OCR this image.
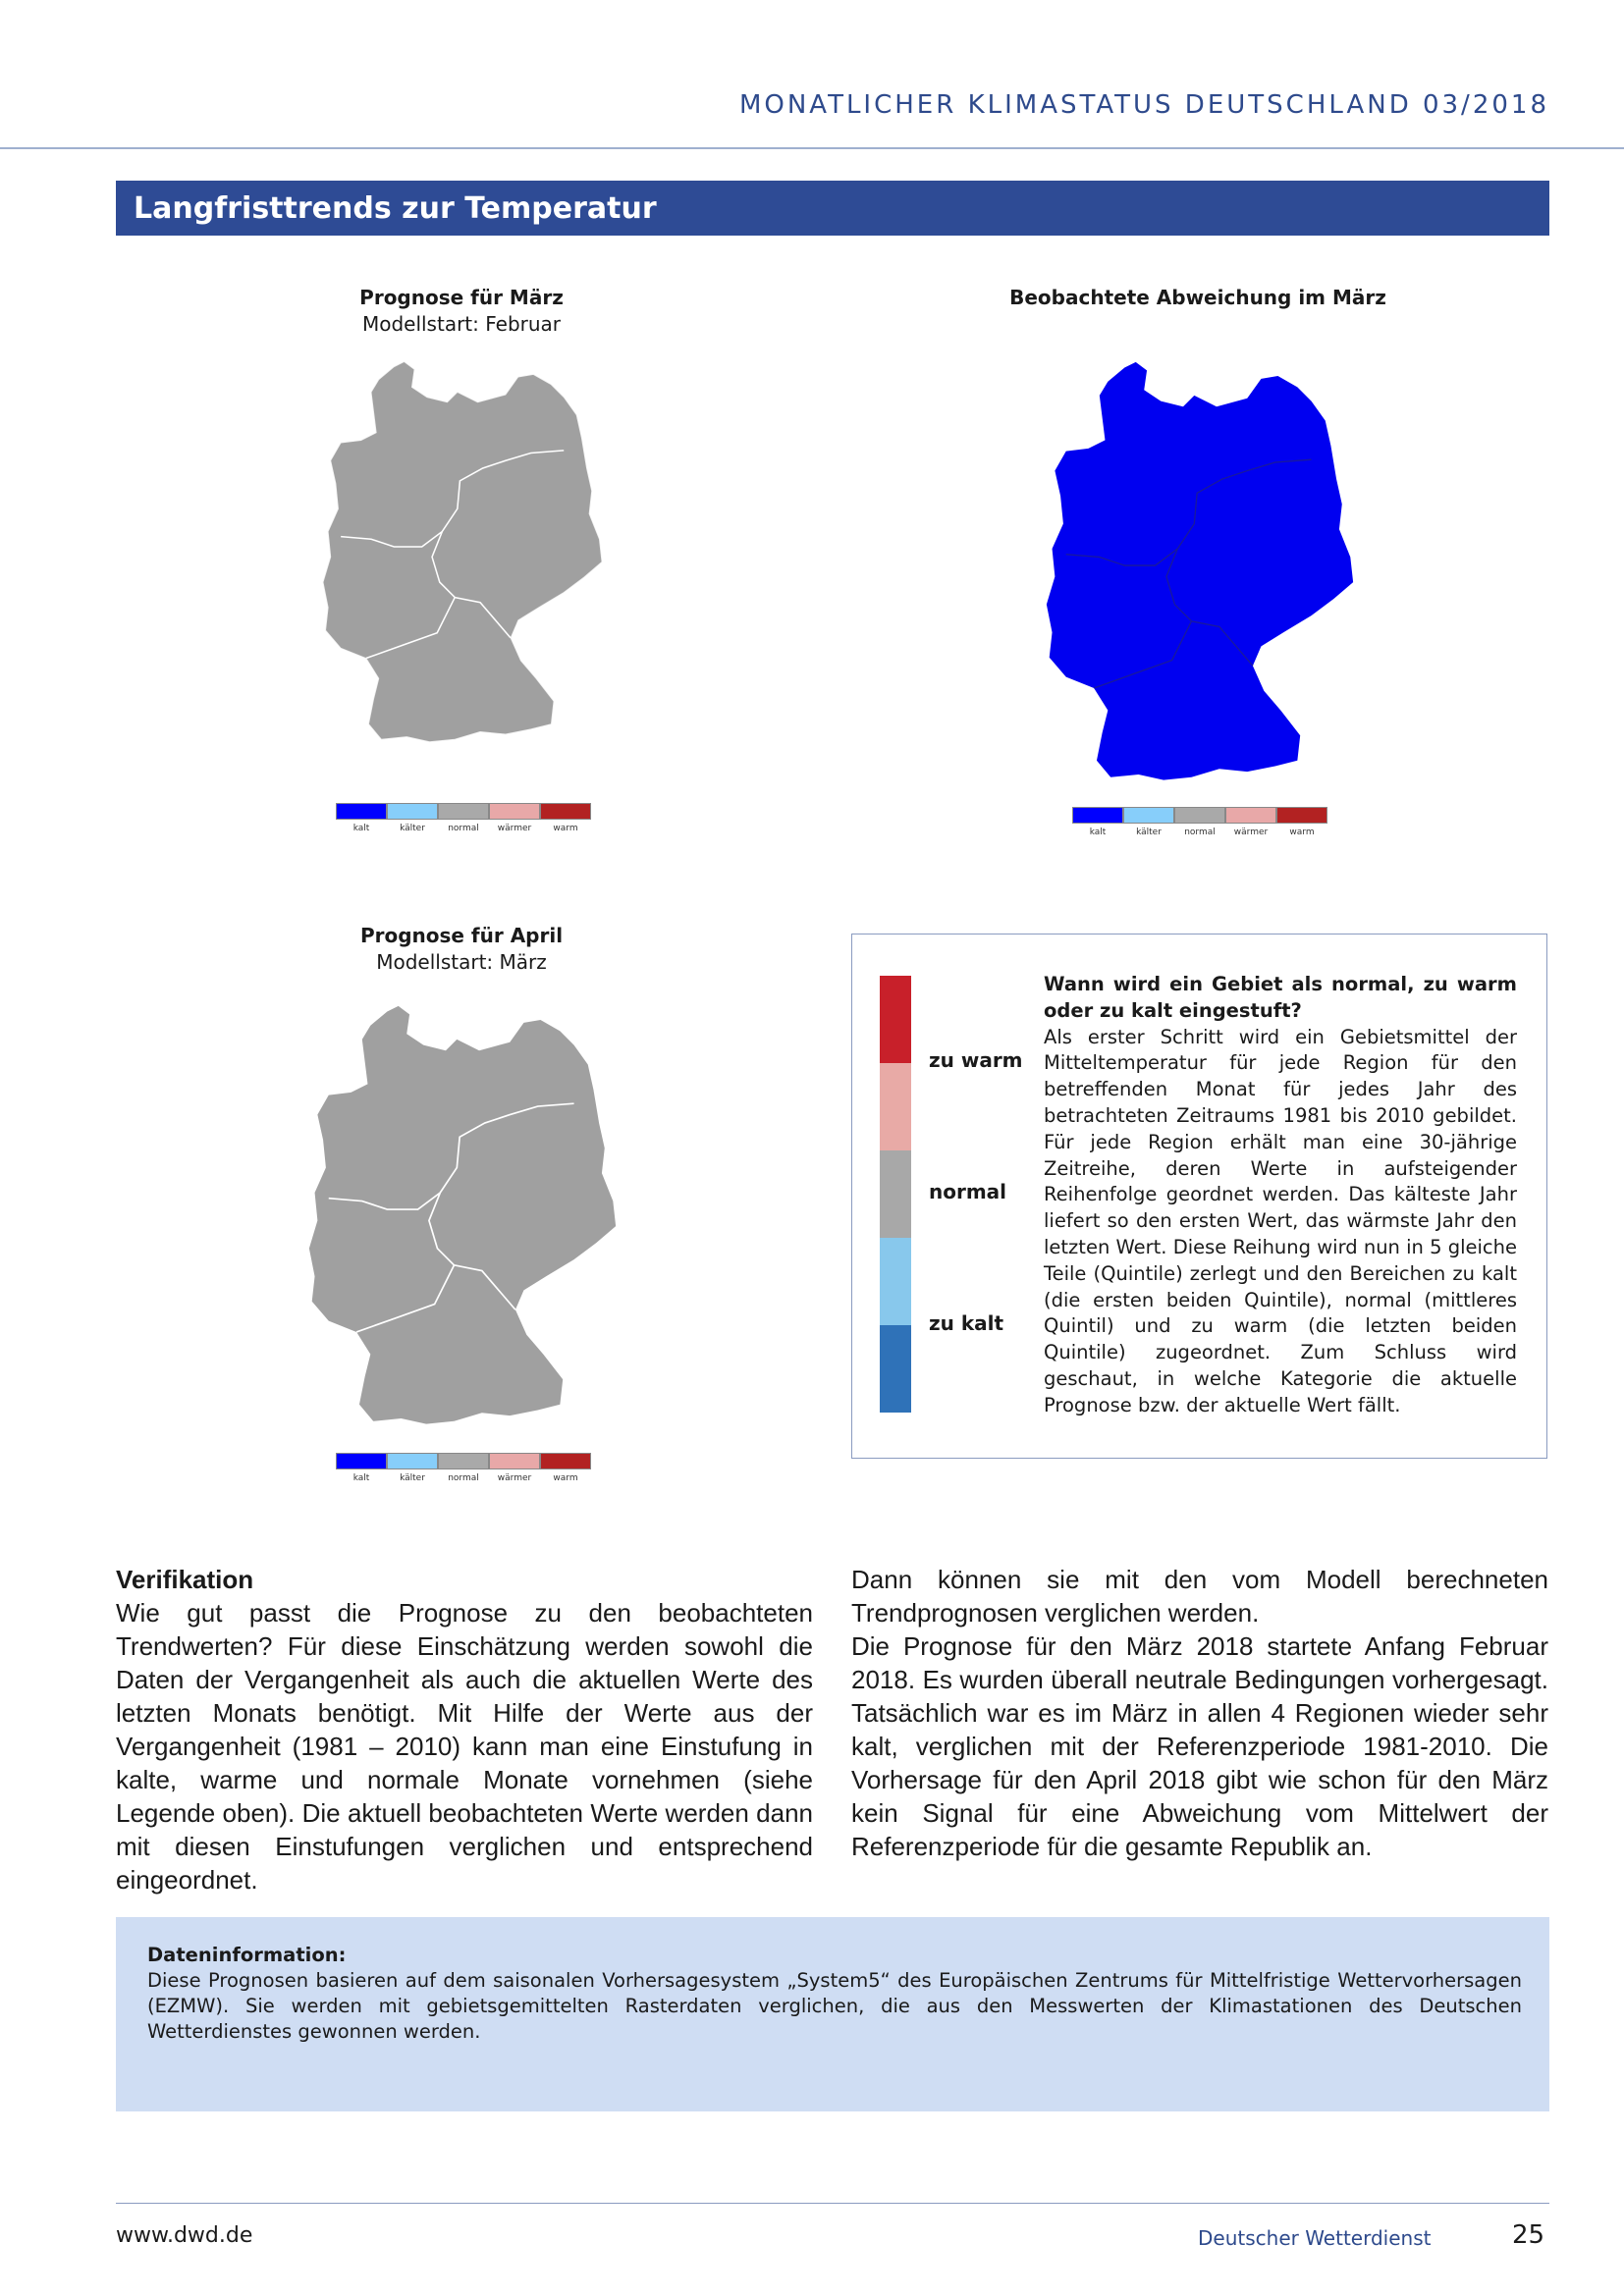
MONATLICHER KLIMASTATUS DEUTSCHLAND 03/2018
Langfristtrends zur Temperatur
Prognose für März
Modellstart: Februar
kalt	kälter	normal	wärmer	warm
Beobachtete Abweichung im März
kalt	kälter	normal	wärmer	warm
Prognose für April
Modellstart: März
kalt	kälter	normal	wärmer	warm
zu warm
normal
zu kalt
Wann wird ein Gebiet als normal, zu warm oder zu kalt eingestuft?
Als erster Schritt wird ein Gebietsmittel der Mitteltemperatur für jede Region für den betreffenden Monat für jedes Jahr des betrachteten Zeitraums 1981 bis 2010 gebildet. Für jede Region erhält man eine 30-jährige Zeitreihe, deren Werte in aufsteigender Reihenfolge geordnet werden. Das kälteste Jahr liefert so den ersten Wert, das wärmste Jahr den letzten Wert. Diese Reihung wird nun in 5 gleiche Teile (Quintile) zerlegt und den Bereichen zu kalt (die ersten beiden Quintile), normal (mittleres Quintil) und zu warm (die letzten beiden Quintile) zugeordnet. Zum Schluss wird geschaut, in welche Kategorie die aktuelle Prognose bzw. der aktuelle Wert fällt.
Verifikation
Wie gut passt die Prognose zu den beobachteten Trendwerten? Für diese Einschätzung werden sowohl die Daten der Vergangenheit als auch die aktuellen Werte des letzten Monats benötigt. Mit Hilfe der Werte aus der Vergangenheit (1981 – 2010) kann man eine Einstufung in kalte, warme und normale Monate vornehmen (siehe Legende oben). Die aktuell beobachteten Werte werden dann mit diesen Einstufungen verglichen und entsprechend eingeordnet.
Dann können sie mit den vom Modell berechneten Trendprognosen verglichen werden.
Die Prognose für den März 2018 startete Anfang Februar 2018. Es wurden überall neutrale Bedingungen vorhergesagt. Tatsächlich war es im März in allen 4 Regionen wieder sehr kalt, verglichen mit der Referenzperiode 1981-2010. Die Vorhersage für den April 2018 gibt wie schon für den März kein Signal für eine Abweichung vom Mittelwert der Referenzperiode für die gesamte Republik an.
Dateninformation:
Diese Prognosen basieren auf dem saisonalen Vorhersagesystem „System5“ des Europäischen Zentrums für Mittelfristige Wettervorhersagen (EZMW). Sie werden mit gebietsgemittelten Rasterdaten verglichen, die aus den Messwerten der Klimastationen des Deutschen Wetterdienstes gewonnen werden.
www.dwd.de	Deutscher Wetterdienst	25
